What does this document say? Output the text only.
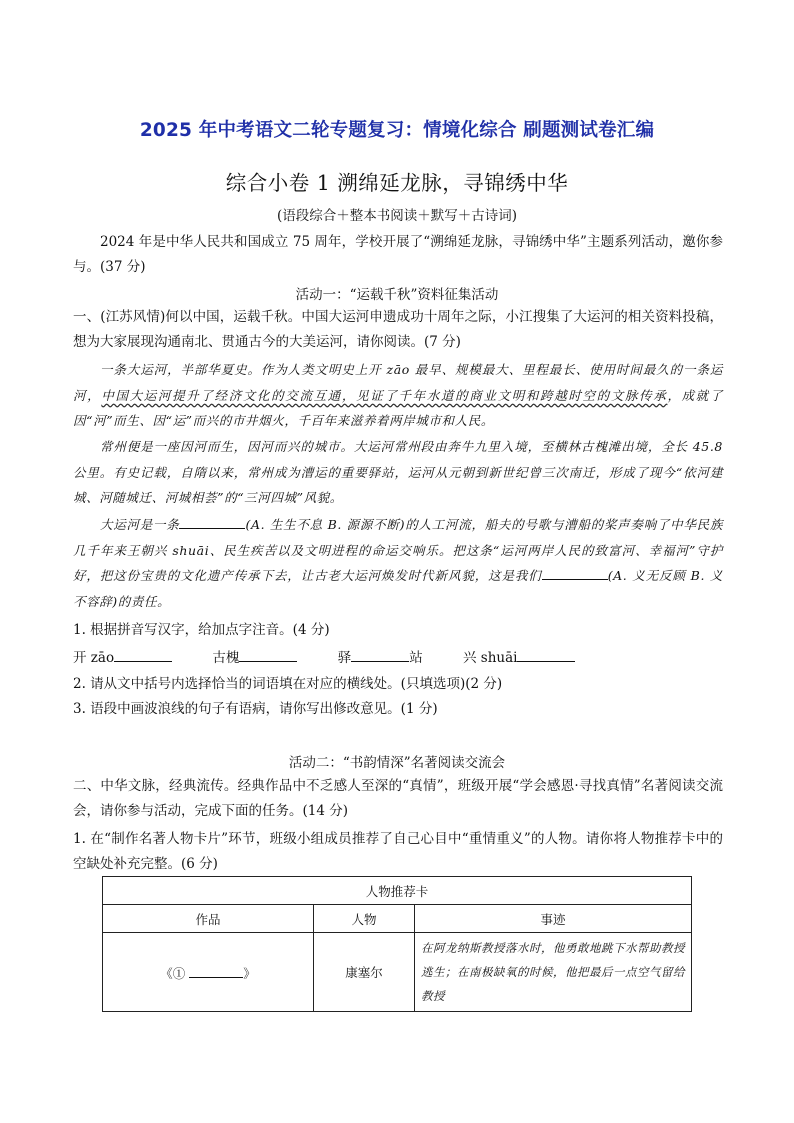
2025 年中考语文二轮专题复习：情境化综合 刷题测试卷汇编
综合小卷 1 溯绵延龙脉，寻锦绣中华
(语段综合＋整本书阅读＋默写＋古诗词)
2024 年是中华人民共和国成立 75 周年，学校开展了“溯绵延龙脉，寻锦绣中华”主题系列活动，邀你参与。(37 分)
活动一：“运载千秋”资料征集活动
一、(江苏风情)何以中国，运载千秋。中国大运河申遗成功十周年之际，小江搜集了大运河的相关资料投稿，想为大家展现沟通南北、贯通古今的大美运河，请你阅读。(7 分)
一条大运河，半部华夏史。作为人类文明史上开 zāo 最早、规模最大、里程最长、使用时间最久的一条运河，中国大运河提升了经济文化的交流互通，见证了千年水道的商业文明和跨越时空的文脉传承，成就了因“河”而生、因“运”而兴的市井烟火，千百年来滋养着两岸城市和人民。
常州便是一座因河而生，因河而兴的城市。大运河常州段由奔牛九里入境，至横林古槐滩出境，全长 45.8 公里。有史记载，自隋以来，常州成为漕运的重要驿站，运河从元朝到新世纪曾三次南迁，形成了现今“依河建城、河随城迁、河城相荟”的“三河四城”风貌。
大运河是一条	(A. 生生不息 B. 源源不断)的人工河流，船夫的号歌与漕船的桨声奏响了中华民族几千年来王朝兴 shuāi、民生疾苦以及文明进程的命运交响乐。把这条“运河两岸人民的致富河、幸福河”守护好，把这份宝贵的文化遗产传承下去，让古老大运河焕发时代新风貌，这是我们	(A. 义无反顾 B. 义不容辞)的责任。
1. 根据拼音写汉字，给加点字注音。(4 分)
开 zāo	古槐	驿	站	兴 shuāi
2. 请从文中括号内选择恰当的词语填在对应的横线处。(只填选项)(2 分)
3. 语段中画波浪线的句子有语病，请你写出修改意见。(1 分)
活动二：“书韵情深”名著阅读交流会
二、中华文脉，经典流传。经典作品中不乏感人至深的“真情”，班级开展“学会感恩·寻找真情”名著阅读交流会，请你参与活动，完成下面的任务。(14 分)
1. 在“制作名著人物卡片”环节，班级小组成员推荐了自己心目中“重情重义”的人物。请你将人物推荐卡中的空缺处补充完整。(6 分)
人物推荐卡		
作品	人物	事迹
《① 》	康塞尔	在阿龙纳斯教授落水时，他勇敢地跳下水帮助教授逃生；在南极缺氧的时候，他把最后一点空气留给教授
